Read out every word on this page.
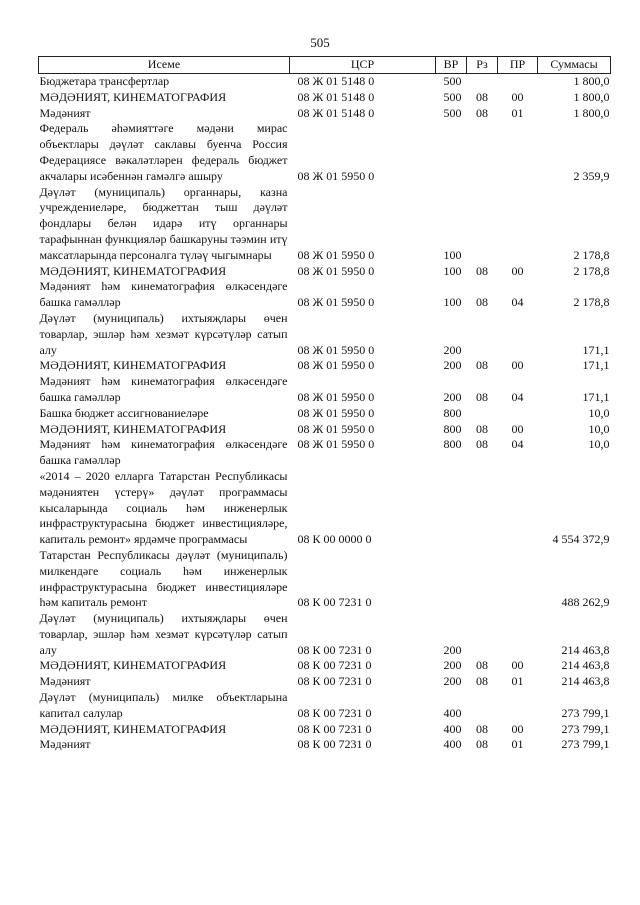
505
Исеме	ЦСР	ВР	Рз	ПР	Суммасы
Бюджетара трансфертлар	08 Ж 01 5148 0	500			1 800,0
МӘДӘНИЯТ, КИНЕМАТОГРАФИЯ	08 Ж 01 5148 0	500	08	00	1 800,0
Мәдәният	08 Ж 01 5148 0	500	08	01	1 800,0
Федераль әһәмияттәге мәдәни мирас объектлары дәүләт саклавы буенча Россия Федерациясе вәкаләтләрен федераль бюджет акчалары исәбеннән гамәлгә ашыру	08 Ж 01 5950 0				2 359,9
Дәүләт (муниципаль) органнары, казна учреждениеләре, бюджеттан тыш дәүләт фондлары белән идарә итү органнары тарафыннан функцияләр башкаруны тәэмин итү максатларында персоналга түләү чыгымнары	08 Ж 01 5950 0	100			2 178,8
МӘДӘНИЯТ, КИНЕМАТОГРАФИЯ	08 Ж 01 5950 0	100	08	00	2 178,8
Мәдәният һәм кинематография өлкәсендәге башка гамәлләр	08 Ж 01 5950 0	100	08	04	2 178,8
Дәүләт (муниципаль) ихтыяҗлары өчен товарлар, эшләр һәм хезмәт күрсәтүләр сатып алу	08 Ж 01 5950 0	200			171,1
МӘДӘНИЯТ, КИНЕМАТОГРАФИЯ	08 Ж 01 5950 0	200	08	00	171,1
Мәдәният һәм кинематография өлкәсендәге башка гамәлләр	08 Ж 01 5950 0	200	08	04	171,1
Башка бюджет ассигнованиеләре	08 Ж 01 5950 0	800			10,0
МӘДӘНИЯТ, КИНЕМАТОГРАФИЯ	08 Ж 01 5950 0	800	08	00	10,0
Мәдәният һәм кинематография өлкәсендәге башка гамәлләр	08 Ж 01 5950 0	800	08	04	10,0
«2014 – 2020 елларга Татарстан Республикасы мәдәниятен үстерү» дәүләт программасы кысаларында социаль һәм инженерлык инфраструктурасына бюджет инвестицияләре, капиталь ремонт» ярдәмче программасы	08 К 00 0000 0				4 554 372,9
Татарстан Республикасы дәүләт (муниципаль) милкендәге социаль һәм инженерлык инфраструктурасына бюджет инвестицияләре һәм капиталь ремонт	08 К 00 7231 0				488 262,9
Дәүләт (муниципаль) ихтыяҗлары өчен товарлар, эшләр һәм хезмәт күрсәтүләр сатып алу	08 К 00 7231 0	200			214 463,8
МӘДӘНИЯТ, КИНЕМАТОГРАФИЯ	08 К 00 7231 0	200	08	00	214 463,8
Мәдәният	08 К 00 7231 0	200	08	01	214 463,8
Дәүләт (муниципаль) милке объектларына капитал салулар	08 К 00 7231 0	400			273 799,1
МӘДӘНИЯТ, КИНЕМАТОГРАФИЯ	08 К 00 7231 0	400	08	00	273 799,1
Мәдәният	08 К 00 7231 0	400	08	01	273 799,1
